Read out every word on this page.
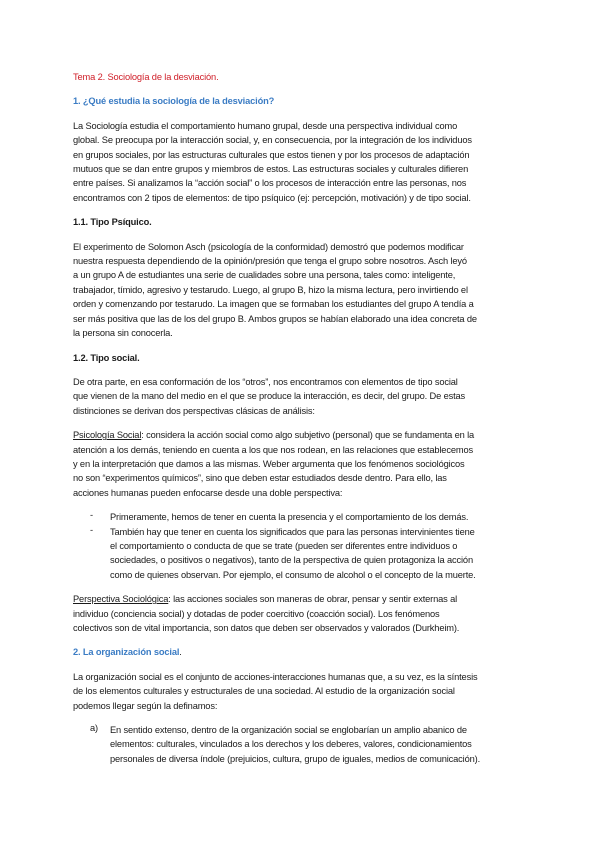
Tema 2. Sociología de la desviación.
1. ¿Qué estudia la sociología de la desviación?
La Sociología estudia el comportamiento humano grupal, desde una perspectiva individual como
global. Se preocupa por la interacción social, y, en consecuencia, por la integración de los individuos
en grupos sociales, por las estructuras culturales que estos tienen y por los procesos de adaptación
mutuos que se dan entre grupos y miembros de estos. Las estructuras sociales y culturales difieren
entre países. Si analizamos la “acción social” o los procesos de interacción entre las personas, nos
encontramos con 2 tipos de elementos: de tipo psíquico (ej: percepción, motivación) y de tipo social.
1.1. Tipo Psíquico.
El experimento de Solomon Asch (psicología de la conformidad) demostró que podemos modificar
nuestra respuesta dependiendo de la opinión/presión que tenga el grupo sobre nosotros. Asch leyó
a un grupo A de estudiantes una serie de cualidades sobre una persona, tales como: inteligente,
trabajador, tímido, agresivo y testarudo. Luego, al grupo B, hizo la misma lectura, pero invirtiendo el
orden y comenzando por testarudo. La imagen que se formaban los estudiantes del grupo A tendía a
ser más positiva que las de los del grupo B. Ambos grupos se habían elaborado una idea concreta de
la persona sin conocerla.
1.2. Tipo social.
De otra parte, en esa conformación de los “otros”, nos encontramos con elementos de tipo social
que vienen de la mano del medio en el que se produce la interacción, es decir, del grupo. De estas
distinciones se derivan dos perspectivas clásicas de análisis:
Psicología Social: considera la acción social como algo subjetivo (personal) que se fundamenta en la
atención a los demás, teniendo en cuenta a los que nos rodean, en las relaciones que establecemos
y en la interpretación que damos a las mismas. Weber argumenta que los fenómenos sociológicos
no son “experimentos químicos”, sino que deben estar estudiados desde dentro. Para ello, las
acciones humanas pueden enfocarse desde una doble perspectiva:
- Primeramente, hemos de tener en cuenta la presencia y el comportamiento de los demás.
- También hay que tener en cuenta los significados que para las personas intervinientes tiene
el comportamiento o conducta de que se trate (pueden ser diferentes entre individuos o
sociedades, o positivos o negativos), tanto de la perspectiva de quien protagoniza la acción
como de quienes observan. Por ejemplo, el consumo de alcohol o el concepto de la muerte.
Perspectiva Sociológica: las acciones sociales son maneras de obrar, pensar y sentir externas al
individuo (conciencia social) y dotadas de poder coercitivo (coacción social). Los fenómenos
colectivos son de vital importancia, son datos que deben ser observados y valorados (Durkheim).
2. La organización social.
La organización social es el conjunto de acciones-interacciones humanas que, a su vez, es la síntesis
de los elementos culturales y estructurales de una sociedad. Al estudio de la organización social
podemos llegar según la definamos:
a) En sentido extenso, dentro de la organización social se englobarían un amplio abanico de
elementos: culturales, vinculados a los derechos y los deberes, valores, condicionamientos
personales de diversa índole (prejuicios, cultura, grupo de iguales, medios de comunicación).
